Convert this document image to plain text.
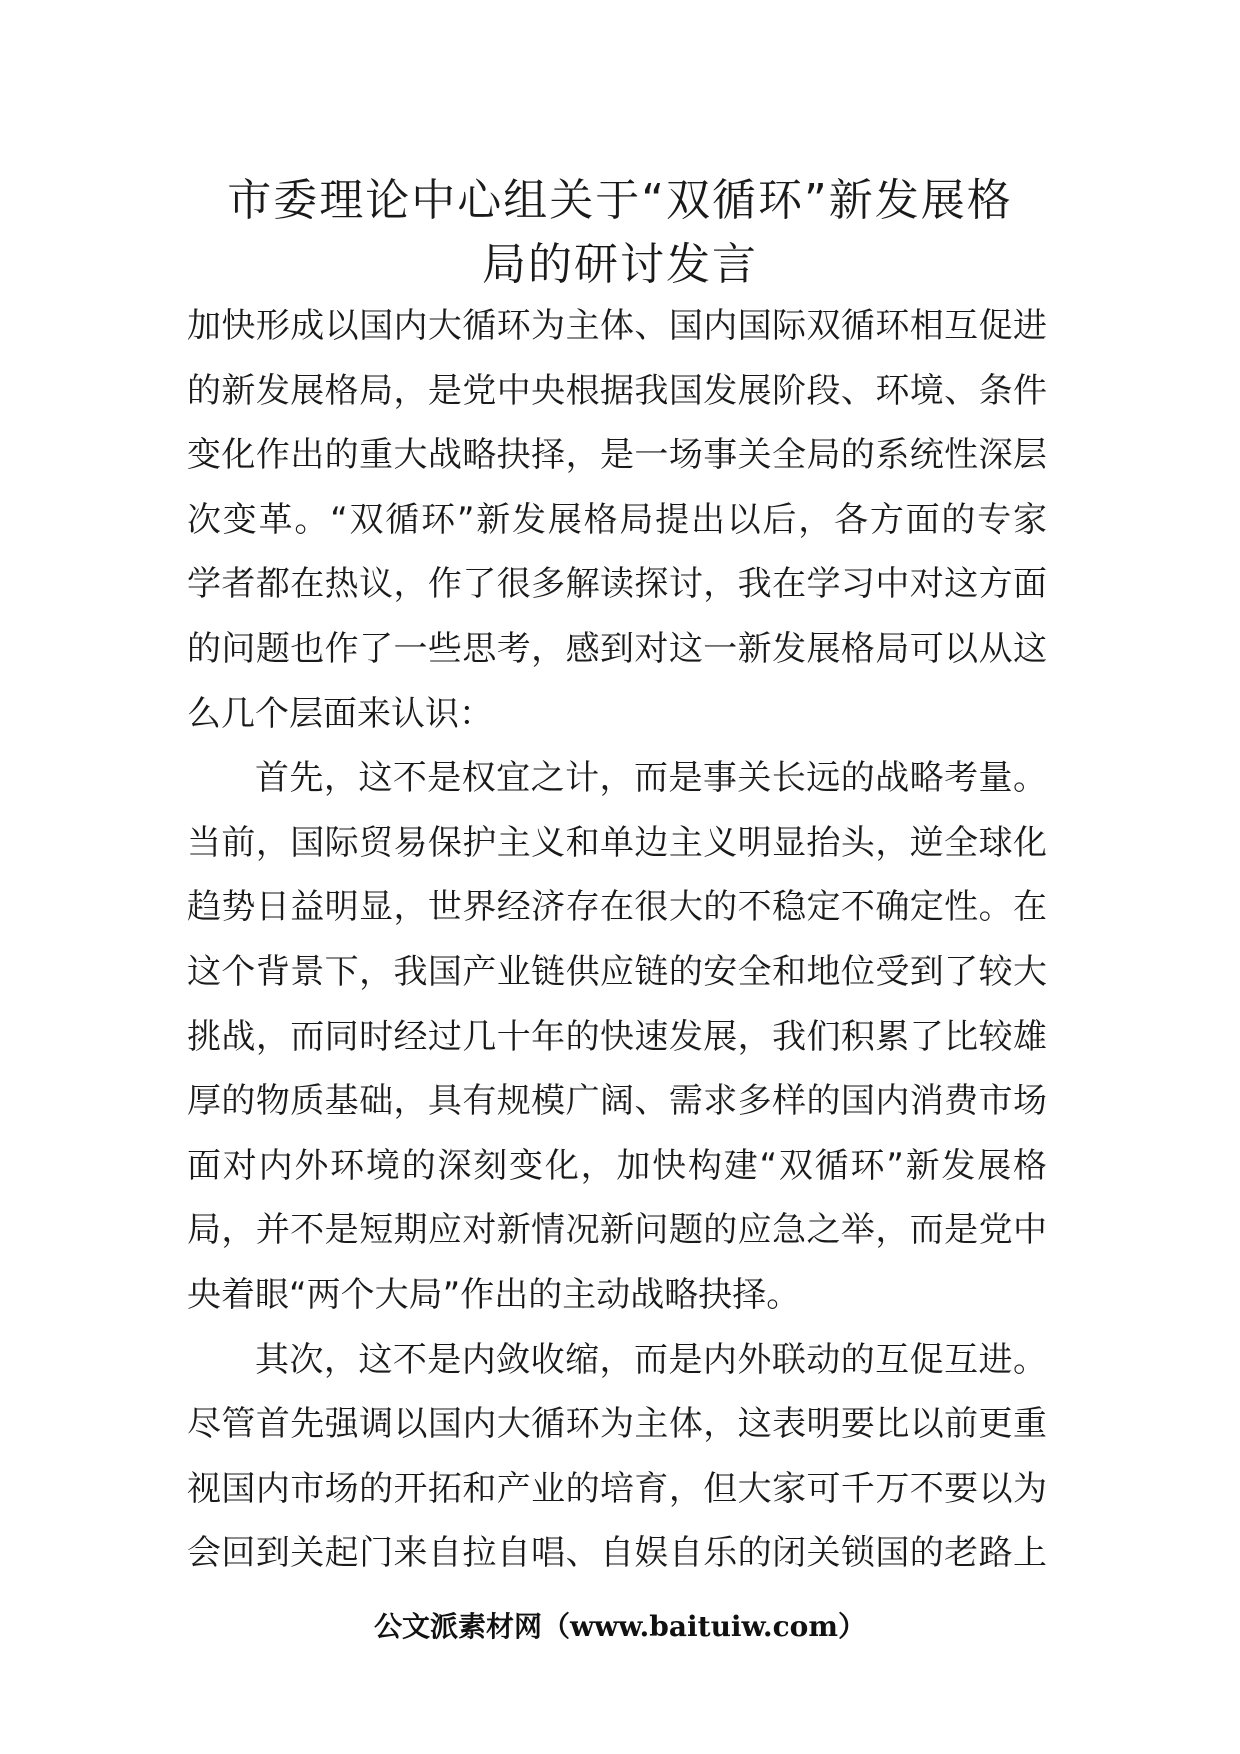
市委理论中心组关于“双循环”新发展格
局的研讨发言
加快形成以国内大循环为主体、国内国际双循环相互促进
的新发展格局，是党中央根据我国发展阶段、环境、条件
变化作出的重大战略抉择，是一场事关全局的系统性深层
次变革。“双循环”新发展格局提出以后，各方面的专家
学者都在热议，作了很多解读探讨，我在学习中对这方面
的问题也作了一些思考，感到对这一新发展格局可以从这
么几个层面来认识：
首先，这不是权宜之计，而是事关长远的战略考量。
当前，国际贸易保护主义和单边主义明显抬头，逆全球化
趋势日益明显，世界经济存在很大的不稳定不确定性。在
这个背景下，我国产业链供应链的安全和地位受到了较大
挑战，而同时经过几十年的快速发展，我们积累了比较雄
厚的物质基础，具有规模广阔、需求多样的国内消费市场
面对内外环境的深刻变化，加快构建“双循环”新发展格
局，并不是短期应对新情况新问题的应急之举，而是党中
央着眼“两个大局”作出的主动战略抉择。
其次，这不是内敛收缩，而是内外联动的互促互进。
尽管首先强调以国内大循环为主体，这表明要比以前更重
视国内市场的开拓和产业的培育，但大家可千万不要以为
会回到关起门来自拉自唱、自娱自乐的闭关锁国的老路上
公文派素材网（www.baituiw.com）
